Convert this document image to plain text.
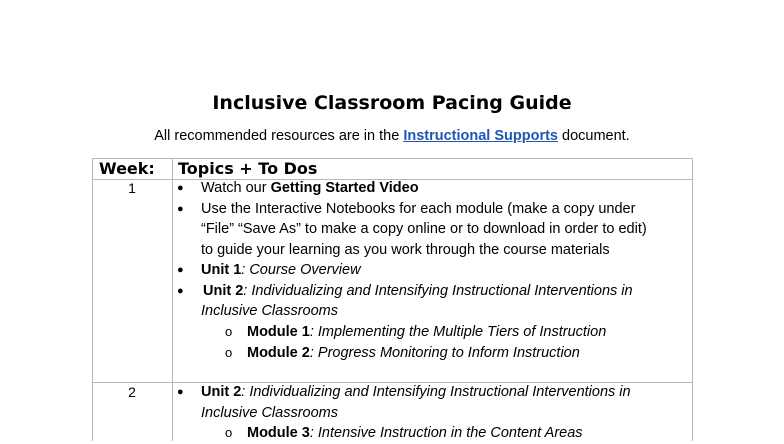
Inclusive Classroom Pacing Guide
All recommended resources are in the Instructional Supports document.
Week: Topics + To Dos
1	● Watch our Getting Started Video
● Use the Interactive Notebooks for each module (make a copy under
“File” “Save As” to make a copy online or to download in order to edit)
to guide your learning as you work through the course materials
● Unit 1: Course Overview
● Unit 2: Individualizing and Intensifying Instructional Interventions in
Inclusive Classrooms
o Module 1: Implementing the Multiple Tiers of Instruction
o Module 2: Progress Monitoring to Inform Instruction
2	● Unit 2: Individualizing and Intensifying Instructional Interventions in
Inclusive Classrooms
o Module 3: Intensive Instruction in the Content Areas
